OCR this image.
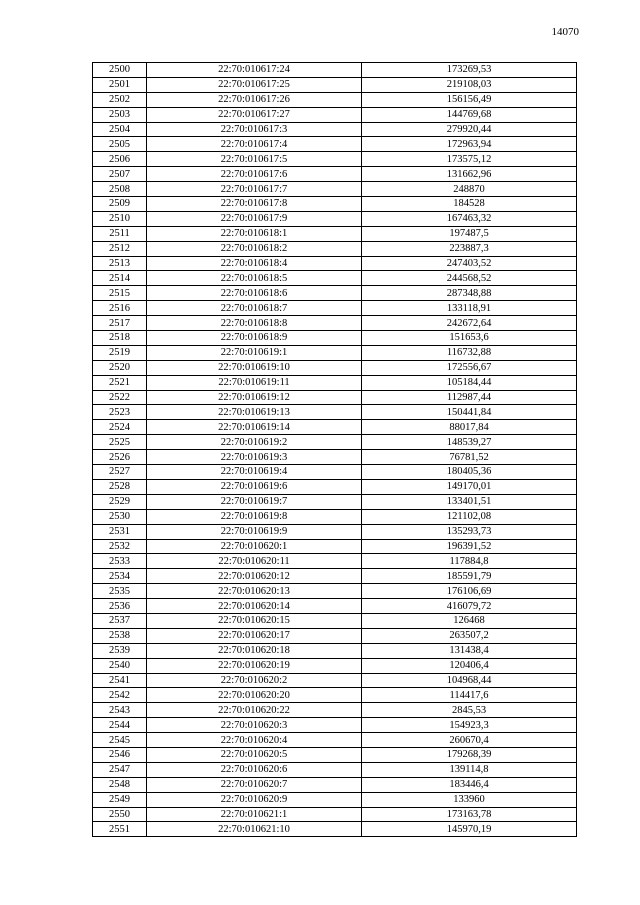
14070
2500	22:70:010617:24	173269,53
2501	22:70:010617:25	219108,03
2502	22:70:010617:26	156156,49
2503	22:70:010617:27	144769,68
2504	22:70:010617:3	279920,44
2505	22:70:010617:4	172963,94
2506	22:70:010617:5	173575,12
2507	22:70:010617:6	131662,96
2508	22:70:010617:7	248870
2509	22:70:010617:8	184528
2510	22:70:010617:9	167463,32
2511	22:70:010618:1	197487,5
2512	22:70:010618:2	223887,3
2513	22:70:010618:4	247403,52
2514	22:70:010618:5	244568,52
2515	22:70:010618:6	287348,88
2516	22:70:010618:7	133118,91
2517	22:70:010618:8	242672,64
2518	22:70:010618:9	151653,6
2519	22:70:010619:1	116732,88
2520	22:70:010619:10	172556,67
2521	22:70:010619:11	105184,44
2522	22:70:010619:12	112987,44
2523	22:70:010619:13	150441,84
2524	22:70:010619:14	88017,84
2525	22:70:010619:2	148539,27
2526	22:70:010619:3	76781,52
2527	22:70:010619:4	180405,36
2528	22:70:010619:6	149170,01
2529	22:70:010619:7	133401,51
2530	22:70:010619:8	121102,08
2531	22:70:010619:9	135293,73
2532	22:70:010620:1	196391,52
2533	22:70:010620:11	117884,8
2534	22:70:010620:12	185591,79
2535	22:70:010620:13	176106,69
2536	22:70:010620:14	416079,72
2537	22:70:010620:15	126468
2538	22:70:010620:17	263507,2
2539	22:70:010620:18	131438,4
2540	22:70:010620:19	120406,4
2541	22:70:010620:2	104968,44
2542	22:70:010620:20	114417,6
2543	22:70:010620:22	2845,53
2544	22:70:010620:3	154923,3
2545	22:70:010620:4	260670,4
2546	22:70:010620:5	179268,39
2547	22:70:010620:6	139114,8
2548	22:70:010620:7	183446,4
2549	22:70:010620:9	133960
2550	22:70:010621:1	173163,78
2551	22:70:010621:10	145970,19
